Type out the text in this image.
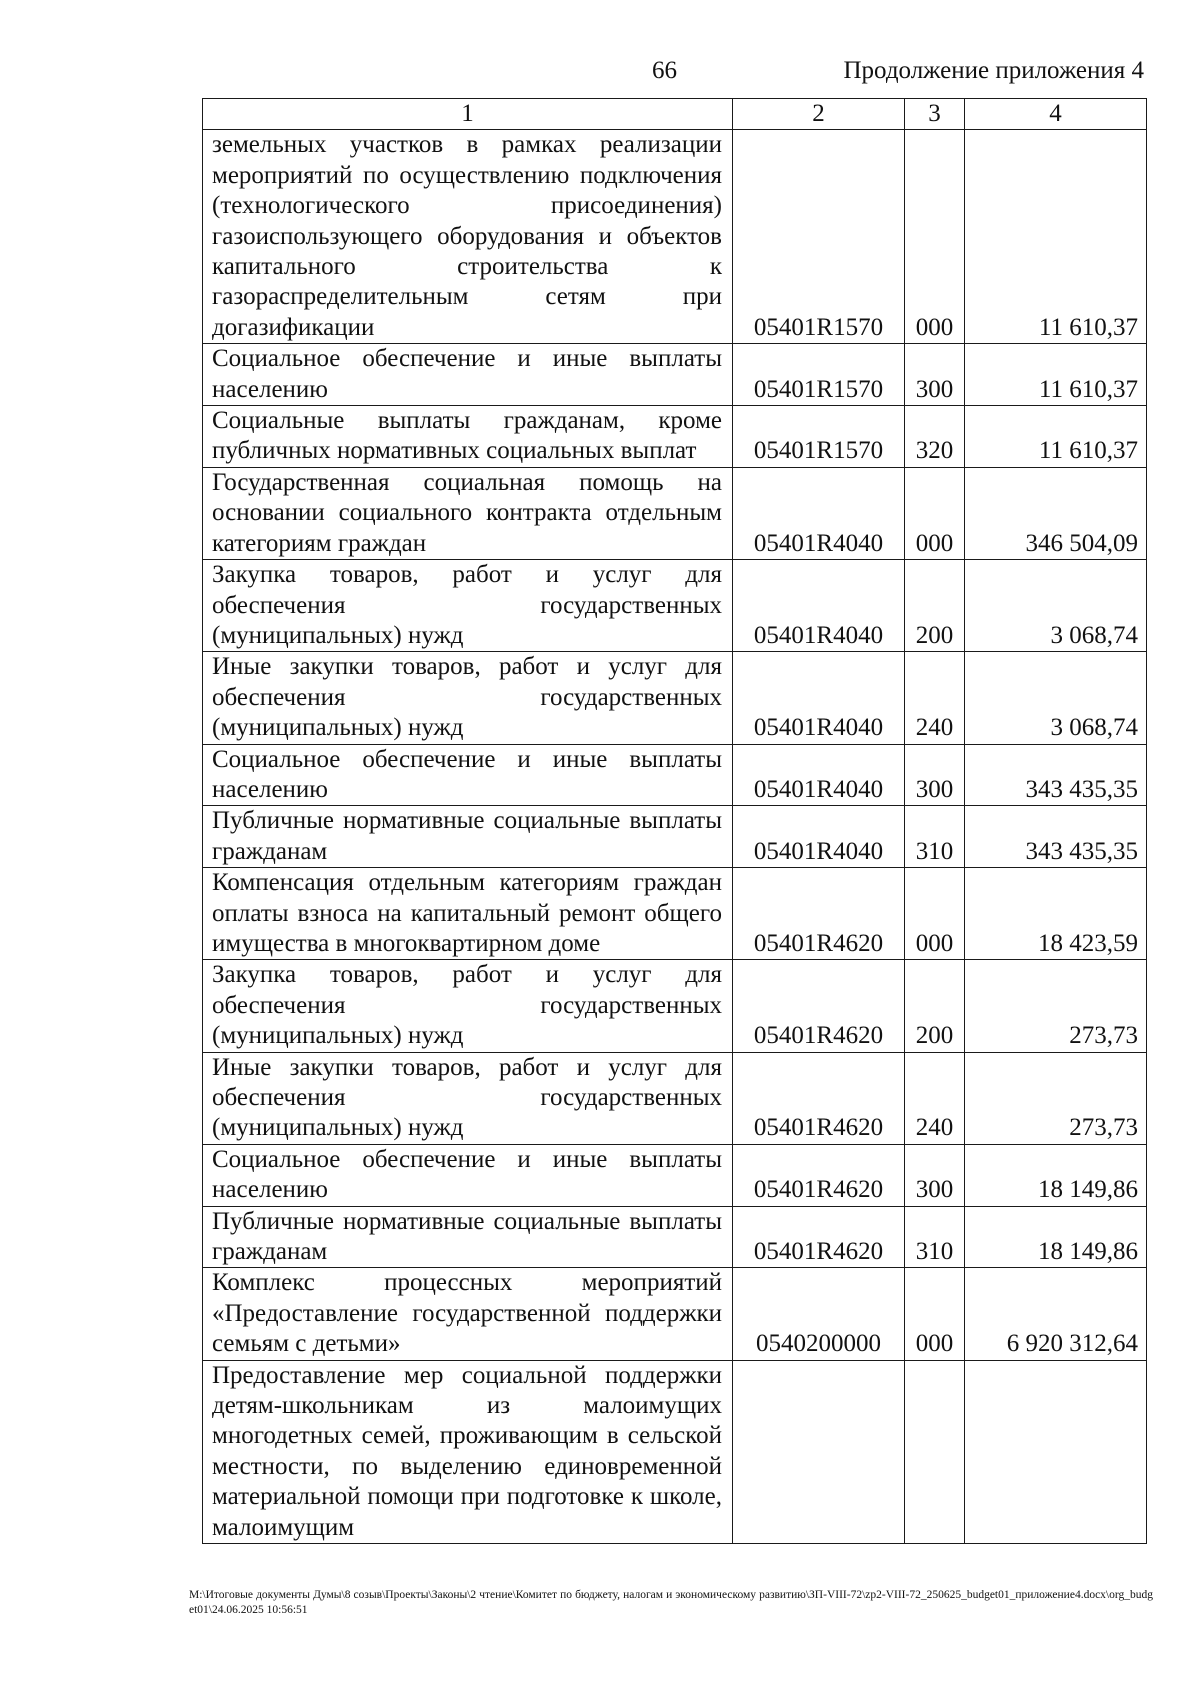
66	Продолжение приложения 4
1	2	3	4
земельных участков в рамках реализации мероприятий по осуществлению подключения (технологического присоединения) газоиспользующего оборудования и объектов капитального строительства к газораспределительным сетям при догазификации	05401R1570	000	11 610,37
Социальное обеспечение и иные выплаты населению	05401R1570	300	11 610,37
Социальные выплаты гражданам, кроме публичных нормативных социальных выплат	05401R1570	320	11 610,37
Государственная социальная помощь на основании социального контракта отдельным категориям граждан	05401R4040	000	346 504,09
Закупка товаров, работ и услуг для обеспечения государственных (муниципальных) нужд	05401R4040	200	3 068,74
Иные закупки товаров, работ и услуг для обеспечения государственных (муниципальных) нужд	05401R4040	240	3 068,74
Социальное обеспечение и иные выплаты населению	05401R4040	300	343 435,35
Публичные нормативные социальные выплаты гражданам	05401R4040	310	343 435,35
Компенсация отдельным категориям граждан оплаты взноса на капитальный ремонт общего имущества в многоквартирном доме	05401R4620	000	18 423,59
Закупка товаров, работ и услуг для обеспечения государственных (муниципальных) нужд	05401R4620	200	273,73
Иные закупки товаров, работ и услуг для обеспечения государственных (муниципальных) нужд	05401R4620	240	273,73
Социальное обеспечение и иные выплаты населению	05401R4620	300	18 149,86
Публичные нормативные социальные выплаты гражданам	05401R4620	310	18 149,86
Комплекс процессных мероприятий «Предоставление государственной поддержки семьям с детьми»	0540200000	000	6 920 312,64
Предоставление мер социальной поддержки детям-школьникам из малоимущих многодетных семей, проживающим в сельской местности, по выделению единовременной материальной помощи при подготовке к школе, малоимущим			
M:\Итоговые документы Думы\8 созыв\Проекты\Законы\2 чтение\Комитет по бюджету, налогам и экономическому развитию\ЗП-VIII-72\zp2-VIII-72_250625_budget01_приложение4.docx\org_budget01\24.06.2025 10:56:51
